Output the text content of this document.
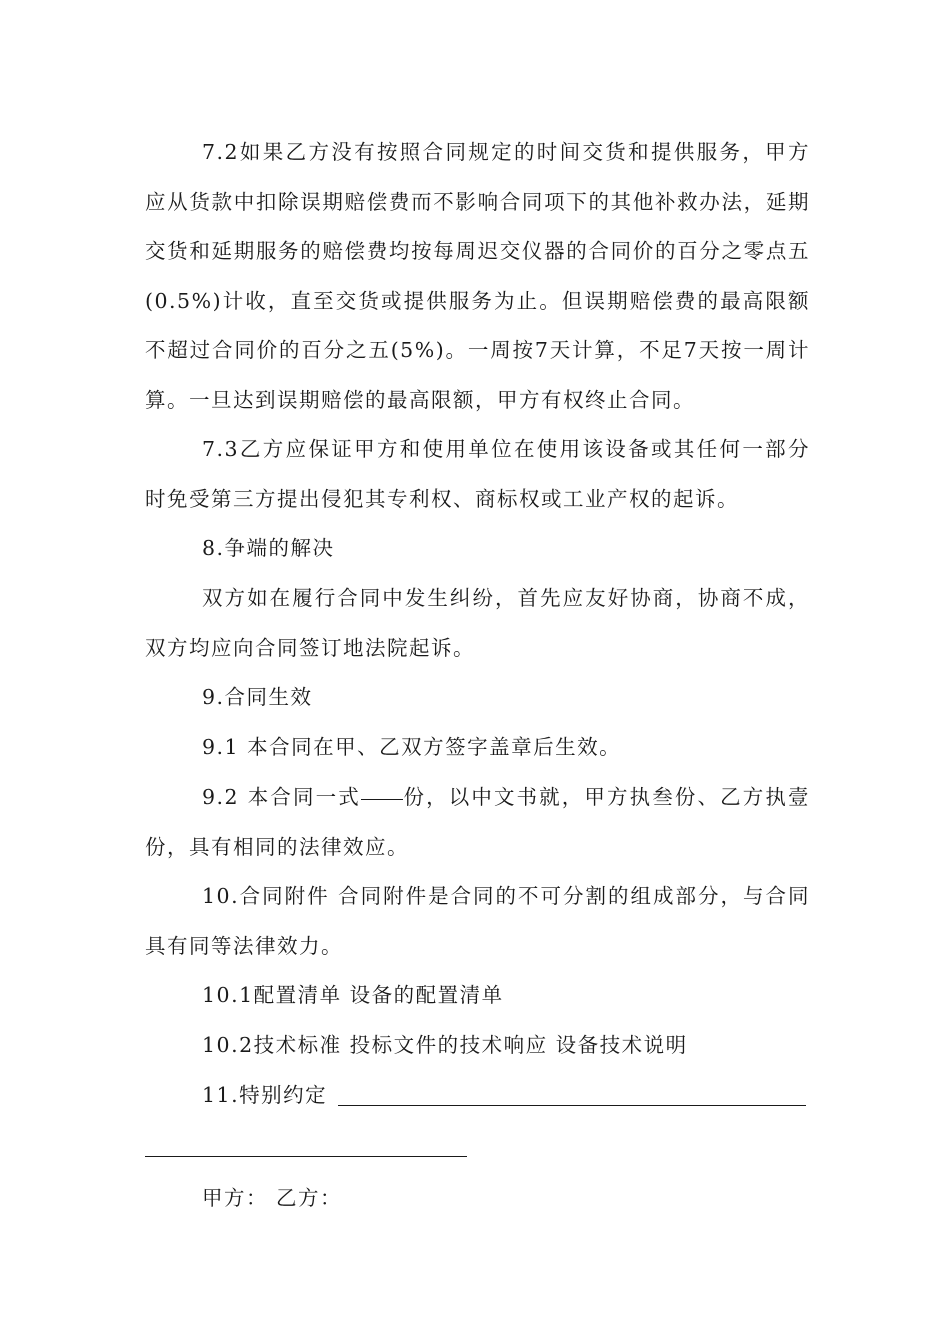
7.2如果乙方没有按照合同规定的时间交货和提供服务，甲方应从货款中扣除误期赔偿费而不影响合同项下的其他补救办法，延期交货和延期服务的赔偿费均按每周迟交仪器的合同价的百分之零点五(0.5%)计收，直至交货或提供服务为止。但误期赔偿费的最高限额不超过合同价的百分之五(5%)。一周按7天计算，不足7天按一周计算。一旦达到误期赔偿的最高限额，甲方有权终止合同。

7.3乙方应保证甲方和使用单位在使用该设备或其任何一部分时免受第三方提出侵犯其专利权、商标权或工业产权的起诉。

8.争端的解决

双方如在履行合同中发生纠纷，首先应友好协商，协商不成，双方均应向合同签订地法院起诉。

9.合同生效
9.1 本合同在甲、乙双方签字盖章后生效。

9.2 本合同一式 份，以中文书就，甲方执叁份、乙方执壹份，具有相同的法律效应。

10.合同附件 合同附件是合同的不可分割的组成部分，与合同具有同等法律效力。

10.1配置清单 设备的配置清单
10.2技术标准 投标文件的技术响应 设备技术说明
11.特别约定
甲方： 乙方：
